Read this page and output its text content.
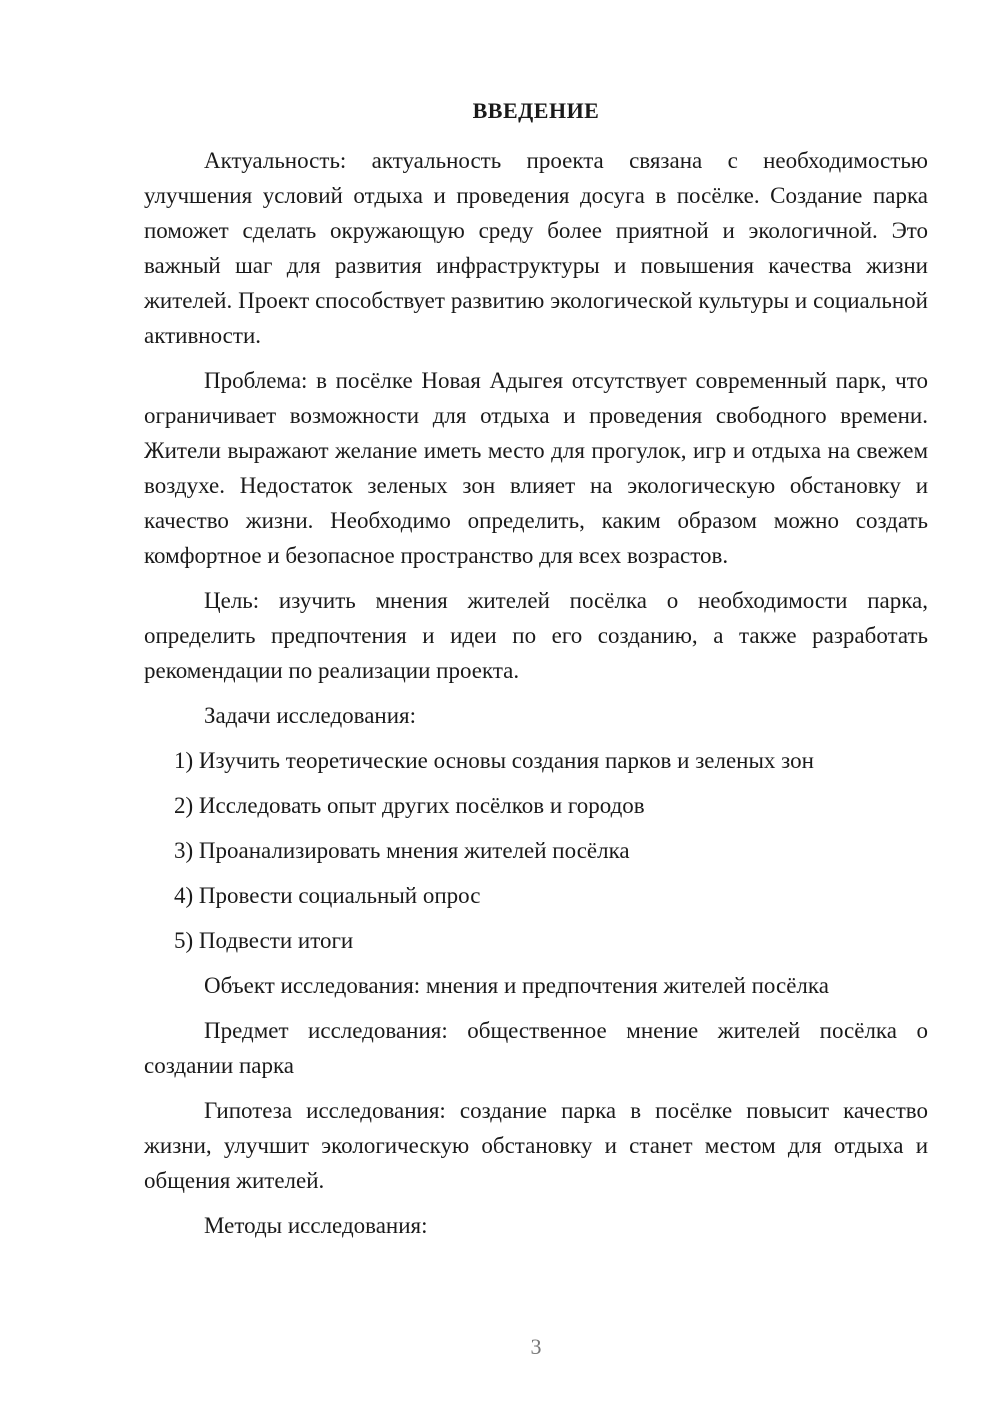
ВВЕДЕНИЕ

Актуальность: актуальность проекта связана с необходимостью улучшения условий отдыха и проведения досуга в посёлке. Создание парка поможет сделать окружающую среду более приятной и экологичной. Это важный шаг для развития инфраструктуры и повышения качества жизни жителей. Проект способствует развитию экологической культуры и социальной активности.

Проблема: в посёлке Новая Адыгея отсутствует современный парк, что ограничивает возможности для отдыха и проведения свободного времени. Жители выражают желание иметь место для прогулок, игр и отдыха на свежем воздухе. Недостаток зеленых зон влияет на экологическую обстановку и качество жизни. Необходимо определить, каким образом можно создать комфортное и безопасное пространство для всех возрастов.

Цель: изучить мнения жителей посёлка о необходимости парка, определить предпочтения и идеи по его созданию, а также разработать рекомендации по реализации проекта.

Задачи исследования:

1) Изучить теоретические основы создания парков и зеленых зон
2) Исследовать опыт других посёлков и городов
3) Проанализировать мнения жителей посёлка
4) Провести социальный опрос
5) Подвести итоги

Объект исследования: мнения и предпочтения жителей посёлка

Предмет исследования: общественное мнение жителей посёлка о создании парка

Гипотеза исследования: создание парка в посёлке повысит качество жизни, улучшит экологическую обстановку и станет местом для отдыха и общения жителей.

Методы исследования:

3
